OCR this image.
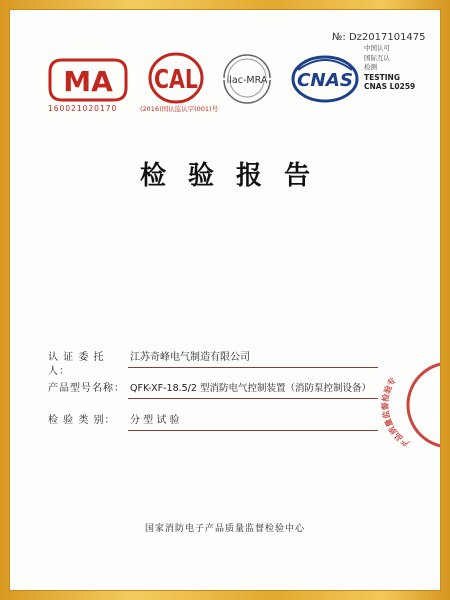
№: Dz2017101475
MA
160021020170
CAL
(2016)国认监认字(001)号
ilac-MRA CNAS
中国认可
国际互认
检测
TESTING
CNAS L0259
检验报告
认 证 委 托 人：
江苏奇峰电气制造有限公司
产品型号名称： QFK-XF-18.5/2 型消防电气控制装置（消防泵控制设备）
检 验 类 别： 分 型 试 验
产品质量监督检验专
国家消防电子产品质量监督检验中心
